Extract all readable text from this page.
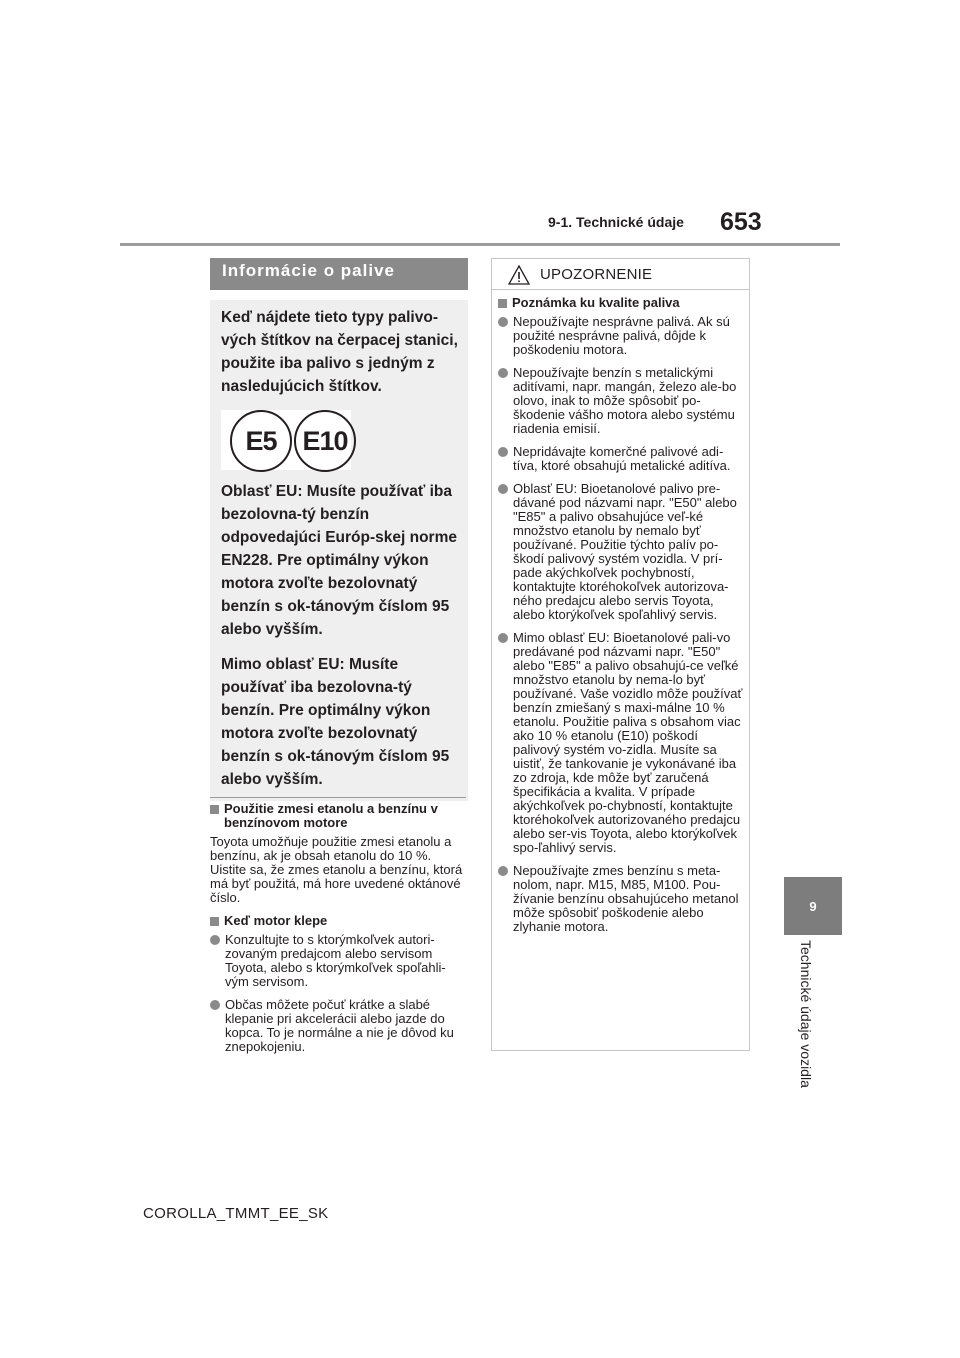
9-1. Technické údaje 653
9
Technické údaje vozidla
Informácie o palive

Keď nájdete tieto typy palivo-vých štítkov na čerpacej stanici, použite iba palivo s jedným z nasledujúcich štítkov.

E5 E10

Oblasť EU: Musíte používať iba bezolovna-tý benzín odpovedajúci Európ-skej norme EN228. Pre optimálny výkon motora zvoľte bezolovnatý benzín s ok-tánovým číslom 95 alebo vyšším.

Mimo oblasť EU: Musíte používať iba bezolovna-tý benzín. Pre optimálny výkon motora zvoľte bezolovnatý benzín s ok-tánovým číslom 95 alebo vyšším.

Použitie zmesi etanolu a benzínu v benzínovom motore

Toyota umožňuje použitie zmesi etanolu a benzínu, ak je obsah etanolu do 10 %. Uistite sa, že zmes etanolu a benzínu, ktorá má byť použitá, má hore uvedené oktánové číslo.

Keď motor klepe
Konzultujte to s ktorýmkoľvek autori-zovaným predajcom alebo servisom Toyota, alebo s ktorýmkoľvek spoľahli-vým servisom.
Občas môžete počuť krátke a slabé klepanie pri akcelerácii alebo jazde do kopca. To je normálne a nie je dôvod ku znepokojeniu.
UPOZORNENIE
Poznámka ku kvalite paliva
Nepoužívajte nesprávne palivá. Ak sú použité nesprávne palivá, dôjde k poškodeniu motora.
Nepoužívajte benzín s metalickými aditívami, napr. mangán, železo ale-bo olovo, inak to môže spôsobiť po-škodenie vášho motora alebo systému riadenia emisií.
Nepridávajte komerčné palivové adi-tíva, ktoré obsahujú metalické aditíva.
Oblasť EU: Bioetanolové palivo pre-dávané pod názvami napr. "E50" alebo "E85" a palivo obsahujúce veľ-ké množstvo etanolu by nemalo byť používané. Použitie týchto palív po-škodí palivový systém vozidla. V prí-pade akýchkoľvek pochybností, kontaktujte ktoréhokoľvek autorizova-ného predajcu alebo servis Toyota, alebo ktorýkoľvek spoľahlivý servis.
Mimo oblasť EU: Bioetanolové pali-vo predávané pod názvami napr. "E50" alebo "E85" a palivo obsahujú-ce veľké množstvo etanolu by nema-lo byť používané. Vaše vozidlo môže používať benzín zmiešaný s maxi-málne 10 % etanolu. Použitie paliva s obsahom viac ako 10 % etanolu (E10) poškodí palivový systém vo-zidla. Musíte sa uistiť, že tankovanie je vykonávané iba zo zdroja, kde môže byť zaručená špecifikácia a kvalita. V prípade akýchkoľvek po-chybností, kontaktujte ktoréhokoľvek autorizovaného predajcu alebo ser-vis Toyota, alebo ktorýkoľvek spo-ľahlivý servis.
Nepoužívajte zmes benzínu s meta-nolom, napr. M15, M85, M100. Pou-žívanie benzínu obsahujúceho metanol môže spôsobiť poškodenie alebo zlyhanie motora.
COROLLA_TMMT_EE_SK
